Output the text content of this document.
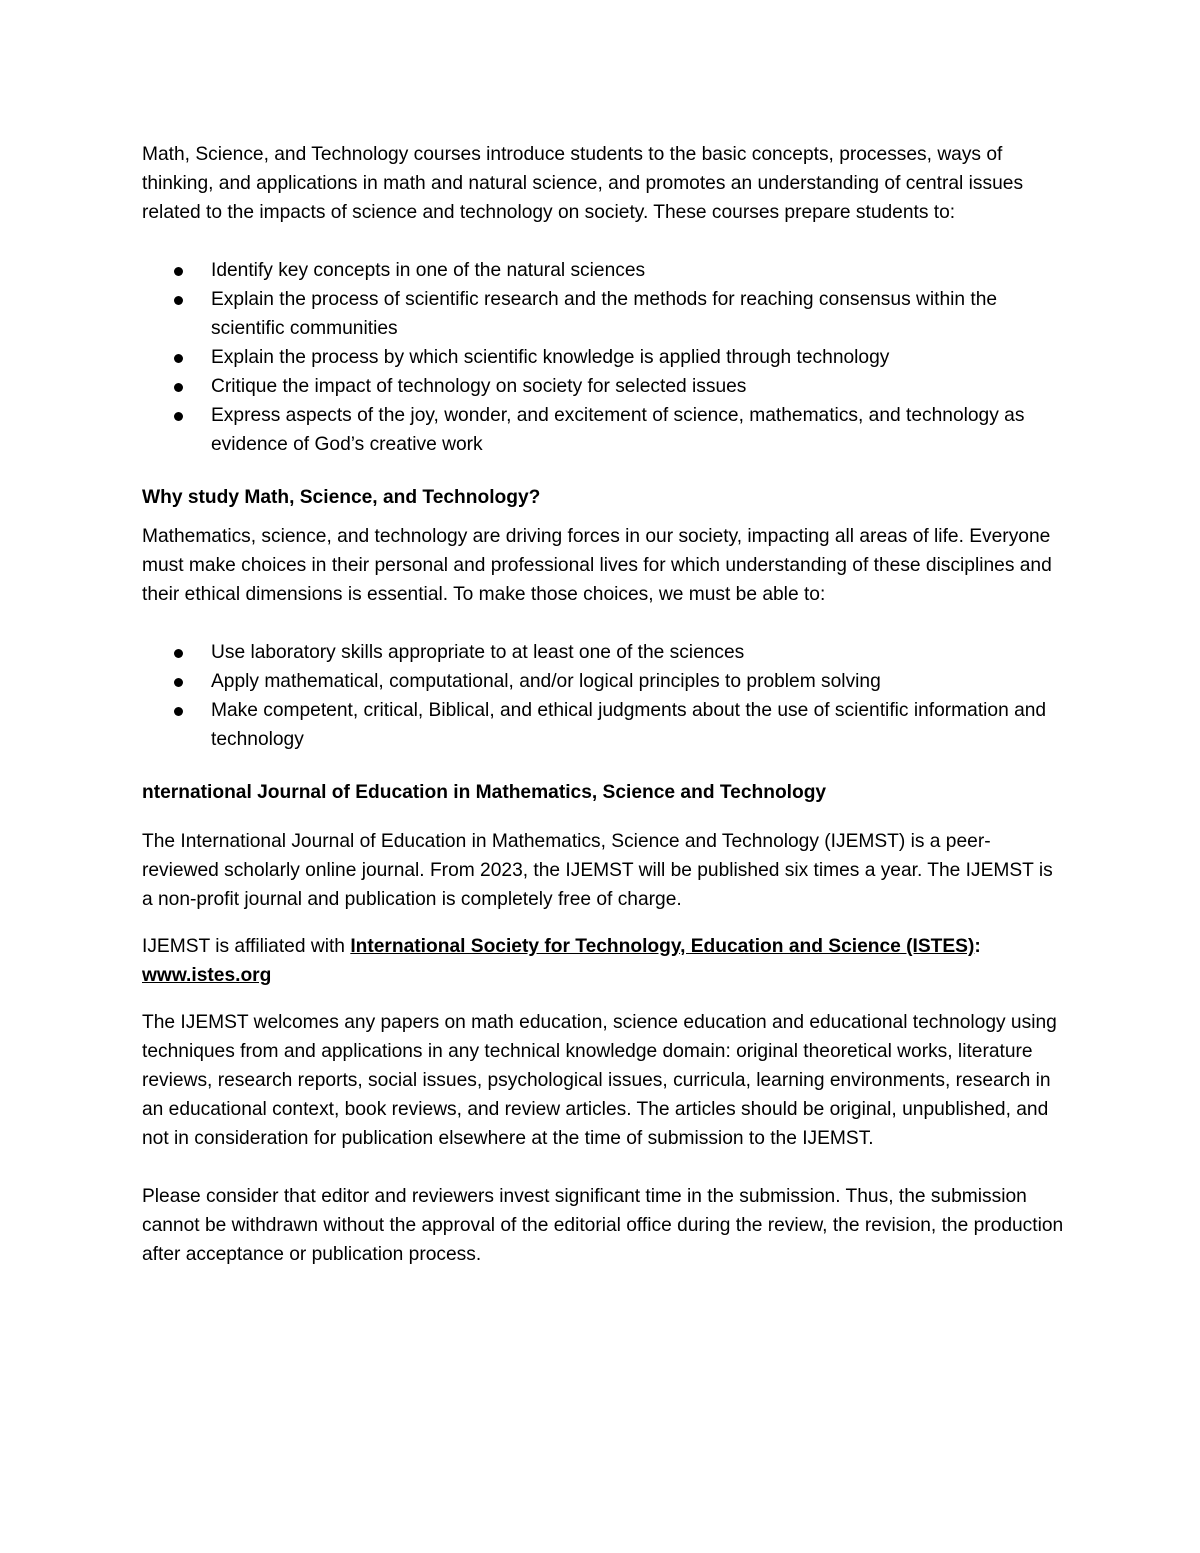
Math, Science, and Technology courses introduce students to the basic concepts, processes, ways of thinking, and applications in math and natural science, and promotes an understanding of central issues related to the impacts of science and technology on society. These courses prepare students to:

Identify key concepts in one of the natural sciences
Explain the process of scientific research and the methods for reaching consensus within the scientific communities
Explain the process by which scientific knowledge is applied through technology
Critique the impact of technology on society for selected issues
Express aspects of the joy, wonder, and excitement of science, mathematics, and technology as evidence of God’s creative work

Why study Math, Science, and Technology?

Mathematics, science, and technology are driving forces in our society, impacting all areas of life. Everyone must make choices in their personal and professional lives for which understanding of these disciplines and their ethical dimensions is essential. To make those choices, we must be able to:

Use laboratory skills appropriate to at least one of the sciences
Apply mathematical, computational, and/or logical principles to problem solving
Make competent, critical, Biblical, and ethical judgments about the use of scientific information and technology

nternational Journal of Education in Mathematics, Science and Technology

The International Journal of Education in Mathematics, Science and Technology (IJEMST) is a peer-reviewed scholarly online journal. From 2023, the IJEMST will be published six times a year. The IJEMST is a non-profit journal and publication is completely free of charge.

IJEMST is affiliated with International Society for Technology, Education and Science (ISTES): www.istes.org

The IJEMST welcomes any papers on math education, science education and educational technology using techniques from and applications in any technical knowledge domain: original theoretical works, literature reviews, research reports, social issues, psychological issues, curricula, learning environments, research in an educational context, book reviews, and review articles. The articles should be original, unpublished, and not in consideration for publication elsewhere at the time of submission to the IJEMST.

Please consider that editor and reviewers invest significant time in the submission. Thus, the submission cannot be withdrawn without the approval of the editorial office during the review, the revision, the production after acceptance or publication process.
